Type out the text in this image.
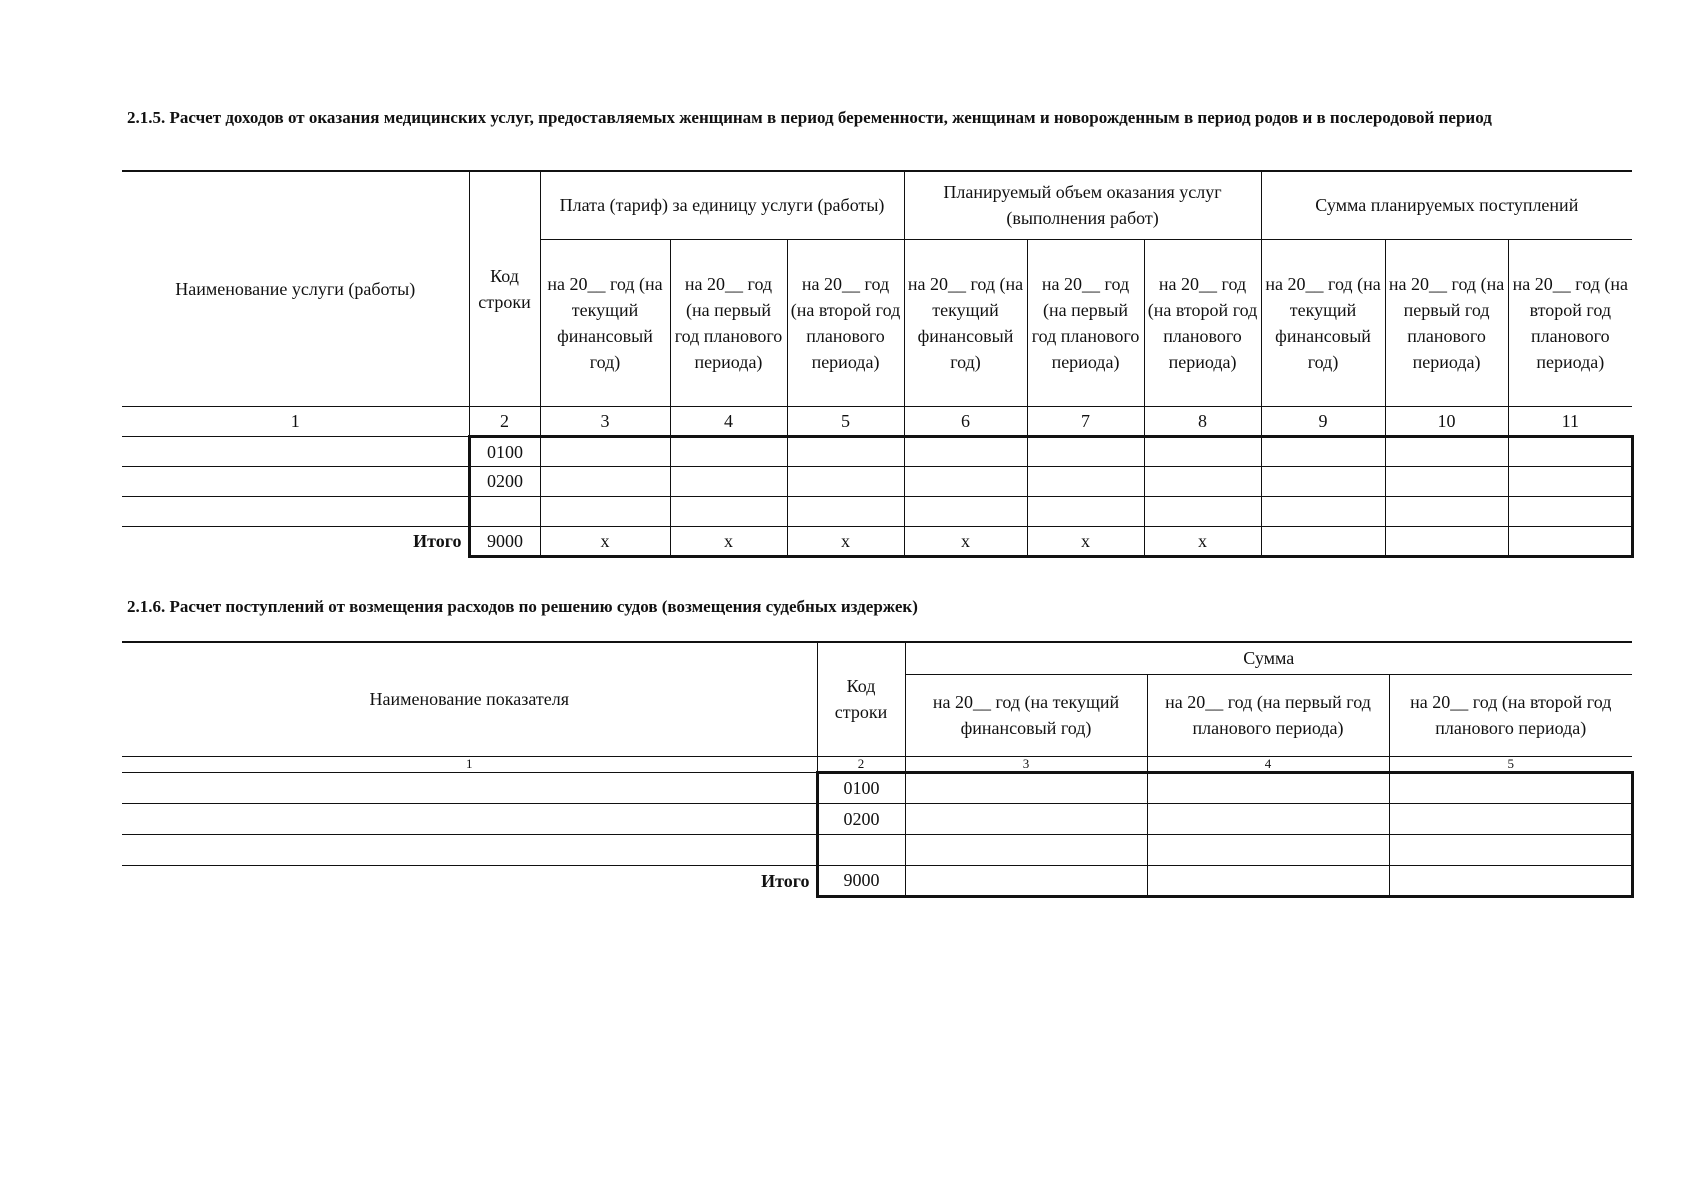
2.1.5. Расчет доходов от оказания медицинских услуг, предоставляемых женщинам в период беременности, женщинам и новорожденным в период родов и в послеродовой период
Наименование услуги (работы)	Код строки	Плата (тариф) за единицу услуги (работы)			Планируемый объем оказания услуг (выполнения работ)			Сумма планируемых поступлений		
		на 20__ год (на текущий финансовый год)	на 20__ год (на первый год планового периода)	на 20__ год (на второй год планового периода)	на 20__ год (на текущий финансовый год)	на 20__ год (на первый год планового периода)	на 20__ год (на второй год планового периода)	на 20__ год (на текущий финансовый год)	на 20__ год (на первый год планового периода)	на 20__ год (на второй год планового периода)
1	2	3	4	5	6	7	8	9	10	11
	0100									
	0200									

Итого	9000	х	х	х	х	х	х			
2.1.6. Расчет поступлений от возмещения расходов по решению судов (возмещения судебных издержек)
Наименование показателя	Код строки	Сумма		
		на 20__ год (на текущий финансовый год)	на 20__ год (на первый год планового периода)	на 20__ год (на второй год планового периода)
1	2	3	4	5
	0100			
	0200			

Итого	9000			
